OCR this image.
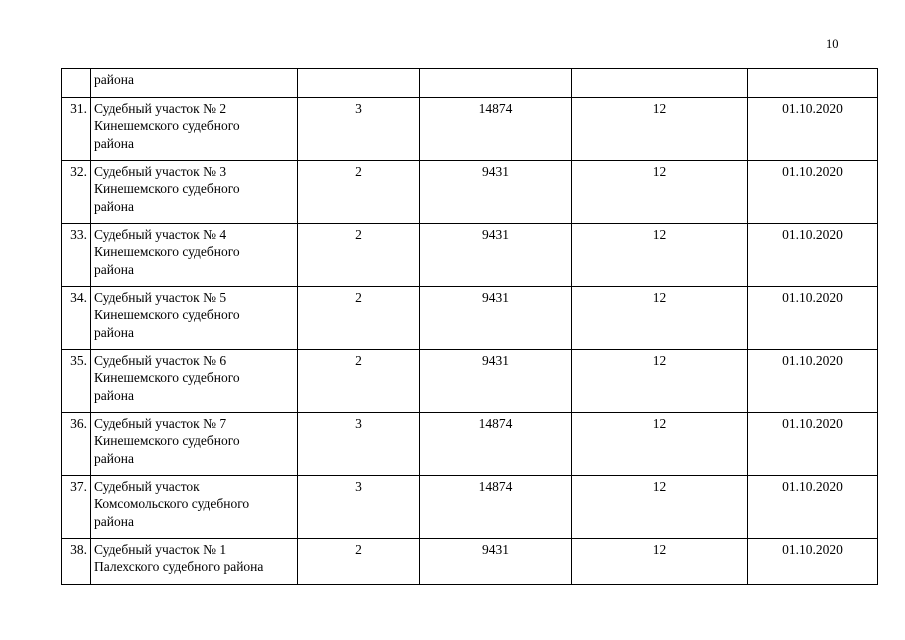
10
	района				
31.	Судебный участок № 2
Кинешемского судебного
района	3	14874	12	01.10.2020
32.	Судебный участок № 3
Кинешемского судебного
района	2	9431	12	01.10.2020
33.	Судебный участок № 4
Кинешемского судебного
района	2	9431	12	01.10.2020
34.	Судебный участок № 5
Кинешемского судебного
района	2	9431	12	01.10.2020
35.	Судебный участок № 6
Кинешемского судебного
района	2	9431	12	01.10.2020
36.	Судебный участок № 7
Кинешемского судебного
района	3	14874	12	01.10.2020
37.	Судебный участок
Комсомольского судебного
района	3	14874	12	01.10.2020
38.	Судебный участок № 1
Палехского судебного района	2	9431	12	01.10.2020
